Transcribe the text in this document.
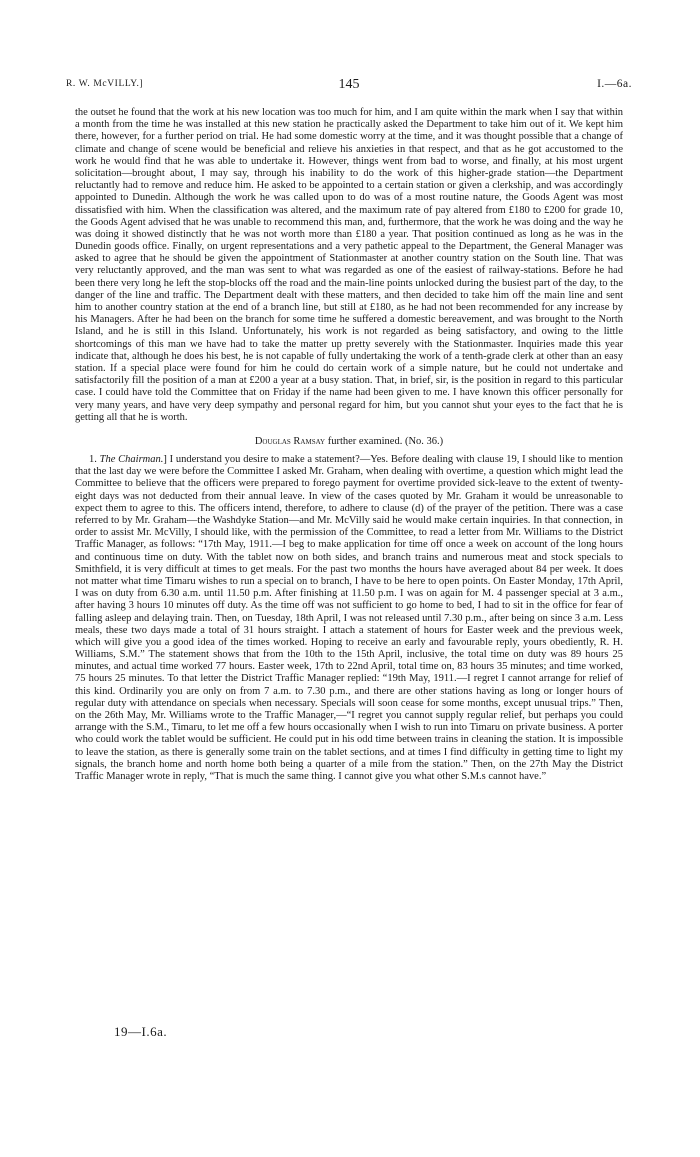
R. W. McVILLY.]	145	I.—6a.

the outset he found that the work at his new location was too much for him, and I am quite within the mark when I say that within a month from the time he was installed at this new station he practically asked the Department to take him out of it. We kept him there, however, for a further period on trial. He had some domestic worry at the time, and it was thought possible that a change of climate and change of scene would be beneficial and relieve his anxieties in that respect, and that as he got accustomed to the work he would find that he was able to undertake it. However, things went from bad to worse, and finally, at his most urgent solicitation—brought about, I may say, through his inability to do the work of this higher-grade station—the Department reluctantly had to remove and reduce him. He asked to be appointed to a certain station or given a clerkship, and was accordingly appointed to Dunedin. Although the work he was called upon to do was of a most routine nature, the Goods Agent was most dissatisfied with him. When the classification was altered, and the maximum rate of pay altered from £180 to £200 for grade 10, the Goods Agent advised that he was unable to recommend this man, and, furthermore, that the work he was doing and the way he was doing it showed distinctly that he was not worth more than £180 a year. That position continued as long as he was in the Dunedin goods office. Finally, on urgent representations and a very pathetic appeal to the Department, the General Manager was asked to agree that he should be given the appointment of Stationmaster at another country station on the South line. That was very reluctantly approved, and the man was sent to what was regarded as one of the easiest of railway-stations. Before he had been there very long he left the stop-blocks off the road and the main-line points unlocked during the busiest part of the day, to the danger of the line and traffic. The Department dealt with these matters, and then decided to take him off the main line and sent him to another country station at the end of a branch line, but still at £180, as he had not been recommended for any increase by his Managers. After he had been on the branch for some time he suffered a domestic bereavement, and was brought to the North Island, and he is still in this Island. Unfortunately, his work is not regarded as being satisfactory, and owing to the little shortcomings of this man we have had to take the matter up pretty severely with the Stationmaster. Inquiries made this year indicate that, although he does his best, he is not capable of fully undertaking the work of a tenth-grade clerk at other than an easy station. If a special place were found for him he could do certain work of a simple nature, but he could not undertake and satisfactorily fill the position of a man at £200 a year at a busy station. That, in brief, sir, is the position in regard to this particular case. I could have told the Committee that on Friday if the name had been given to me. I have known this officer personally for very many years, and have very deep sympathy and personal regard for him, but you cannot shut your eyes to the fact that he is getting all that he is worth.

Douglas Ramsay further examined. (No. 36.)

1. The Chairman.] I understand you desire to make a statement?—Yes. Before dealing with clause 19, I should like to mention that the last day we were before the Committee I asked Mr. Graham, when dealing with overtime, a question which might lead the Committee to believe that the officers were prepared to forego payment for overtime provided sick-leave to the extent of twenty-eight days was not deducted from their annual leave. In view of the cases quoted by Mr. Graham it would be unreasonable to expect them to agree to this. The officers intend, therefore, to adhere to clause (d) of the prayer of the petition. There was a case referred to by Mr. Graham—the Washdyke Station—and Mr. McVilly said he would make certain inquiries. In that connection, in order to assist Mr. McVilly, I should like, with the permission of the Committee, to read a letter from Mr. Williams to the District Traffic Manager, as follows: “17th May, 1911.—I beg to make application for time off once a week on account of the long hours and continuous time on duty. With the tablet now on both sides, and branch trains and numerous meat and stock specials to Smithfield, it is very difficult at times to get meals. For the past two months the hours have averaged about 84 per week. It does not matter what time Timaru wishes to run a special on to branch, I have to be here to open points. On Easter Monday, 17th April, I was on duty from 6.30 a.m. until 11.50 p.m. After finishing at 11.50 p.m. I was on again for M. 4 passenger special at 3 a.m., after having 3 hours 10 minutes off duty. As the time off was not sufficient to go home to bed, I had to sit in the office for fear of falling asleep and delaying train. Then, on Tuesday, 18th April, I was not released until 7.30 p.m., after being on since 3 a.m. Less meals, these two days made a total of 31 hours straight. I attach a statement of hours for Easter week and the previous week, which will give you a good idea of the times worked. Hoping to receive an early and favourable reply, yours obediently, R. H. Williams, S.M.” The statement shows that from the 10th to the 15th April, inclusive, the total time on duty was 89 hours 25 minutes, and actual time worked 77 hours. Easter week, 17th to 22nd April, total time on, 83 hours 35 minutes; and time worked, 75 hours 25 minutes. To that letter the District Traffic Manager replied: “19th May, 1911.—I regret I cannot arrange for relief of this kind. Ordinarily you are only on from 7 a.m. to 7.30 p.m., and there are other stations having as long or longer hours of regular duty with attendance on specials when necessary. Specials will soon cease for some months, except unusual trips.” Then, on the 26th May, Mr. Williams wrote to the Traffic Manager,—“I regret you cannot supply regular relief, but perhaps you could arrange with the S.M., Timaru, to let me off a few hours occasionally when I wish to run into Timaru on private business. A porter who could work the tablet would be sufficient. He could put in his odd time between trains in cleaning the station. It is impossible to leave the station, as there is generally some train on the tablet sections, and at times I find difficulty in getting time to light my signals, the branch home and north home both being a quarter of a mile from the station.” Then, on the 27th May the District Traffic Manager wrote in reply, “That is much the same thing. I cannot give you what other S.M.s cannot have.”

19—I.6a.
